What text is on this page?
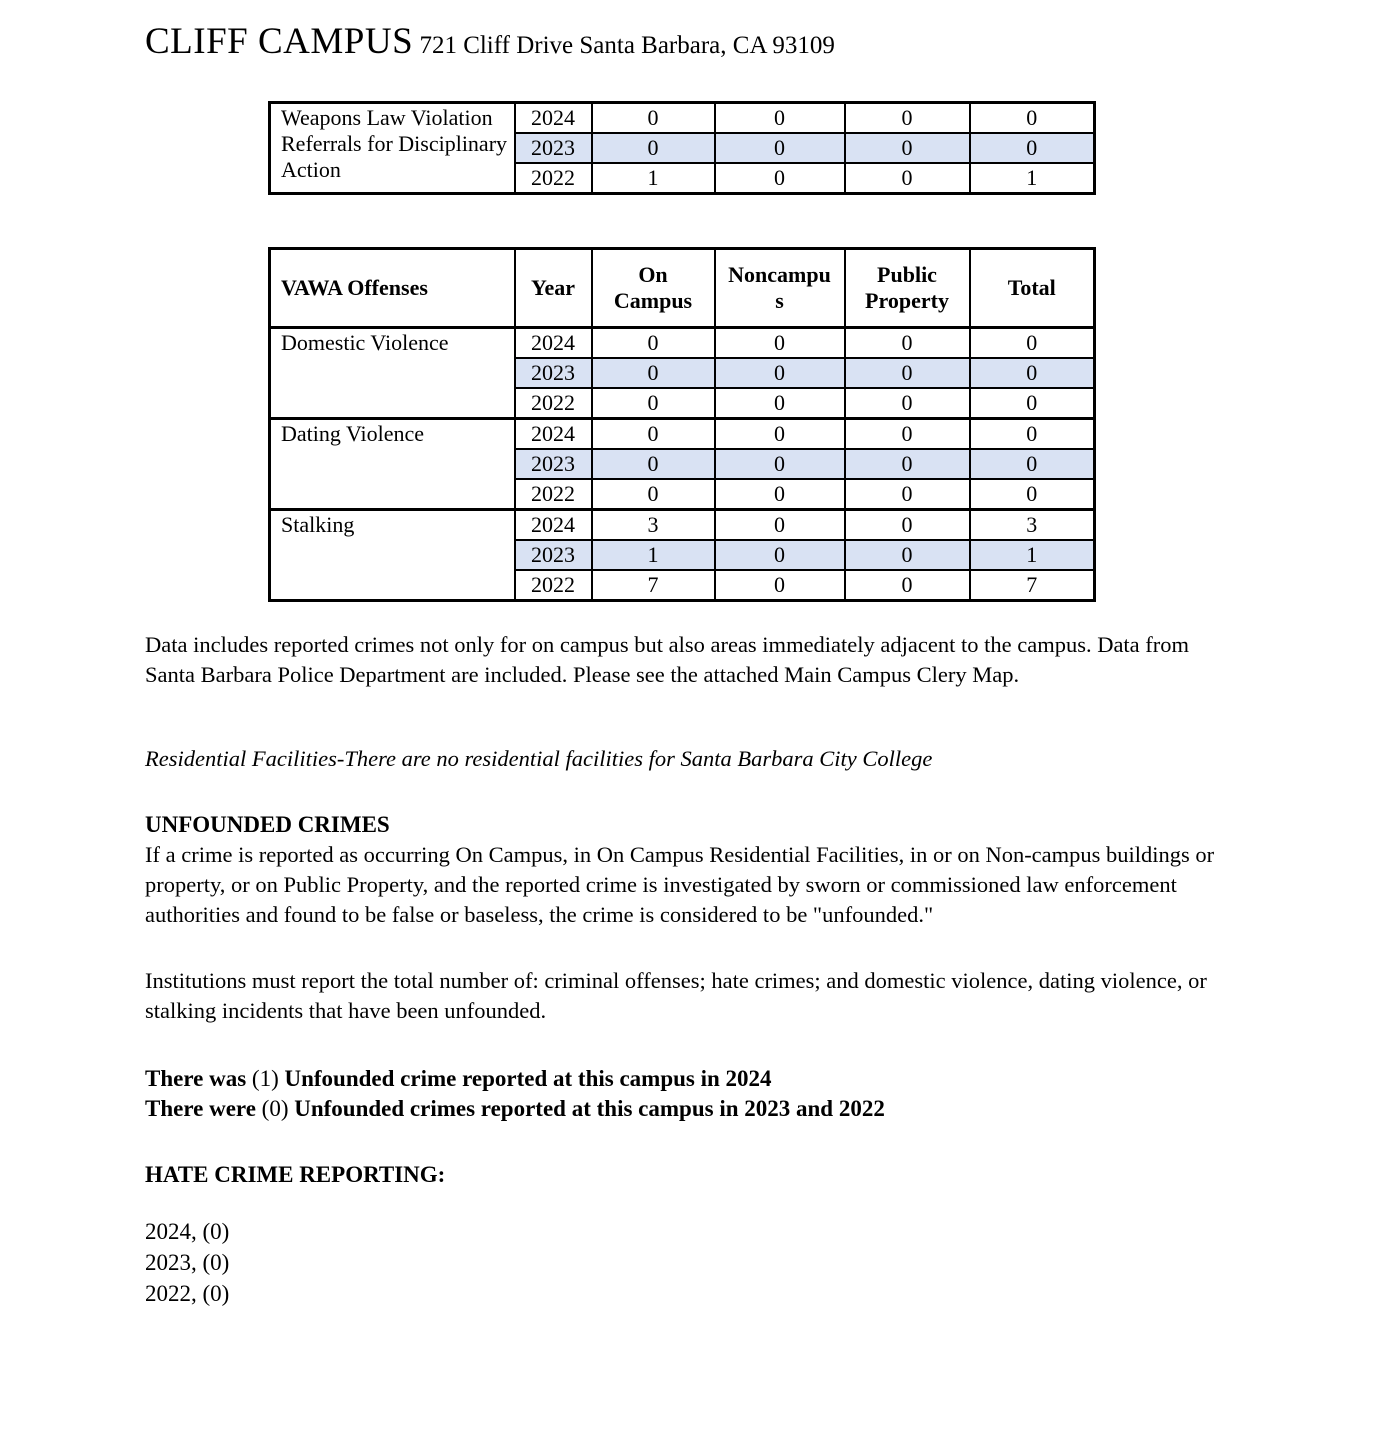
CLIFF CAMPUS 721 Cliff Drive Santa Barbara, CA 93109
Weapons Law Violation Referrals for Disciplinary Action	2024	0	0	0	0
	2023	0	0	0	0
	2022	1	0	0	1
VAWA Offenses	Year	On Campus	Noncampus	Public Property	Total
Domestic Violence	2024	0	0	0	0
	2023	0	0	0	0
	2022	0	0	0	0
Dating Violence	2024	0	0	0	0
	2023	0	0	0	0
	2022	0	0	0	0
Stalking	2024	3	0	0	3
	2023	1	0	0	1
	2022	7	0	0	7

Data includes reported crimes not only for on campus but also areas immediately adjacent to the campus. Data from Santa Barbara Police Department are included. Please see the attached Main Campus Clery Map.

Residential Facilities-There are no residential facilities for Santa Barbara City College

UNFOUNDED CRIMES

If a crime is reported as occurring On Campus, in On Campus Residential Facilities, in or on Non-campus buildings or property, or on Public Property, and the reported crime is investigated by sworn or commissioned law enforcement authorities and found to be false or baseless, the crime is considered to be "unfounded."

Institutions must report the total number of: criminal offenses; hate crimes; and domestic violence, dating violence, or stalking incidents that have been unfounded.

There was (1) Unfounded crime reported at this campus in 2024
There were (0) Unfounded crimes reported at this campus in 2023 and 2022
HATE CRIME REPORTING:
2024, (0)
2023, (0)
2022, (0)
